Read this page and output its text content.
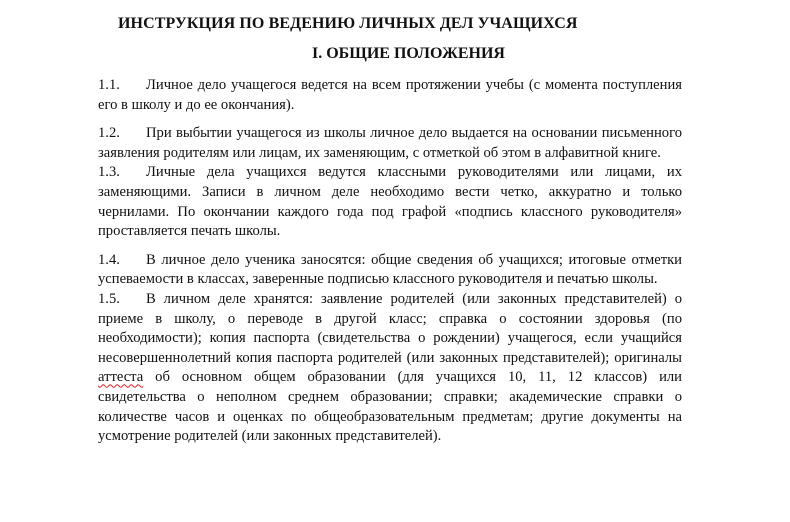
ИНСТРУКЦИЯ ПО ВЕДЕНИЮ ЛИЧНЫХ ДЕЛ УЧАЩИХСЯ
I. ОБЩИЕ ПОЛОЖЕНИЯ

1.1. Личное дело учащегося ведется на всем протяжении учебы (с момента поступления его в школу и до ее окончания).

1.2. При выбытии учащегося из школы личное дело выдается на основании письменного заявления родителям или лицам, их заменяющим, с отметкой об этом в алфавитной книге.

1.3. Личные дела учащихся ведутся классными руководителями или лицами, их заменяющими. Записи в личном деле необходимо вести четко, аккуратно и только чернилами. По окончании каждого года под графой «подпись классного руководителя» проставляется печать школы.

1.4. В личное дело ученика заносятся: общие сведения об учащихся; итоговые отметки успеваемости в классах, заверенные подписью классного руководителя и печатью школы.

1.5. В личном деле хранятся: заявление родителей (или законных представителей) о приеме в школу, о переводе в другой класс; справка о состоянии здоровья (по необходимости); копия паспорта (свидетельства о рождении) учащегося, если учащийся несовершеннолетний копия паспорта родителей (или законных представителей); оригиналы аттеста об основном общем образовании (для учащихся 10, 11, 12 классов) или свидетельства о неполном среднем образовании; справки; академические справки о количестве часов и оценках по общеобразовательным предметам; другие документы на усмотрение родителей (или законных представителей).
